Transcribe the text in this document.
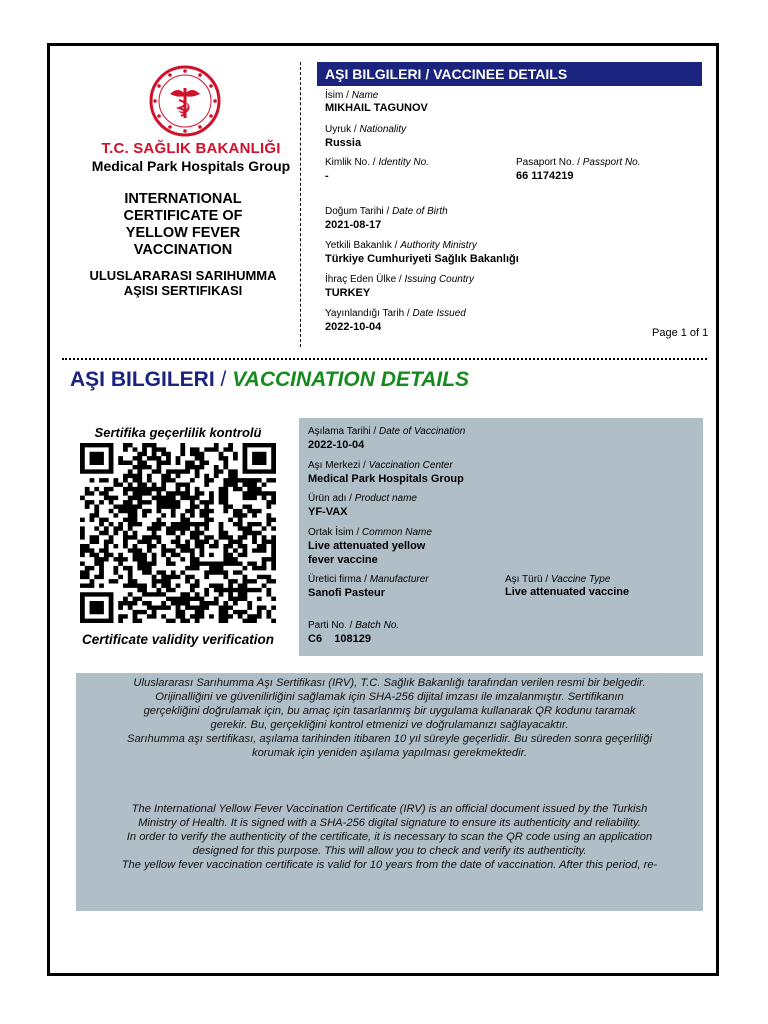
T.C. SAĞLIK BAKANLIĞI
Medical Park Hospitals Group
INTERNATIONAL CERTIFICATE OF YELLOW FEVER VACCINATION
ULUSLARARASI SARIHUMMA AŞISI SERTIFIKASI
AŞI BILGILERI / VACCINEE DETAILS
İsim / Name
MIKHAIL TAGUNOV
Uyruk / Nationality
Russia
Kimlik No. / Identity No.
-
Pasaport No. / Passport No.
66 1174219
Doğum Tarihi / Date of Birth
2021-08-17
Yetkili Bakanlık / Authority Ministry
Türkiye Cumhuriyeti Sağlık Bakanlığı
İhraç Eden Ülke / Issuing Country
TURKEY
Yayınlandığı Tarih / Date Issued
2022-10-04	Page 1 of 1
AŞI BILGILERI / VACCINATION DETAILS
Sertifika geçerlilik kontrolü
Certificate validity verification
Aşılama Tarihi / Date of Vaccination
2022-10-04
Aşı Merkezi / Vaccination Center
Medical Park Hospitals Group
Ürün adı / Product name
YF-VAX
Ortak İsim / Common Name
Live attenuated yellow
fever vaccine
Üretici firma / Manufacturer
Sanofi Pasteur
Aşı Türü / Vaccine Type
Live attenuated vaccine
Parti No. / Batch No.
C6 108129
Uluslararası Sarıhumma Aşı Sertifikası (IRV), T.C. Sağlık Bakanlığı tarafından verilen resmi bir belgedir.
Orijinalliğini ve güvenilirliğini sağlamak için SHA-256 dijital imzası ile imzalanmıştır. Sertifikanın
gerçekliğini doğrulamak için, bu amaç için tasarlanmış bir uygulama kullanarak QR kodunu taramak
gerekir. Bu, gerçekliğini kontrol etmenizi ve doğrulamanızı sağlayacaktır.
Sarıhumma aşı sertifikası, aşılama tarihinden itibaren 10 yıl süreyle geçerlidir. Bu süreden sonra geçerliliği
korumak için yeniden aşılama yapılması gerekmektedir.
The International Yellow Fever Vaccination Certificate (IRV) is an official document issued by the Turkish
Ministry of Health. It is signed with a SHA-256 digital signature to ensure its authenticity and reliability.
In order to verify the authenticity of the certificate, it is necessary to scan the QR code using an application
designed for this purpose. This will allow you to check and verify its authenticity.
The yellow fever vaccination certificate is valid for 10 years from the date of vaccination. After this period, re-
